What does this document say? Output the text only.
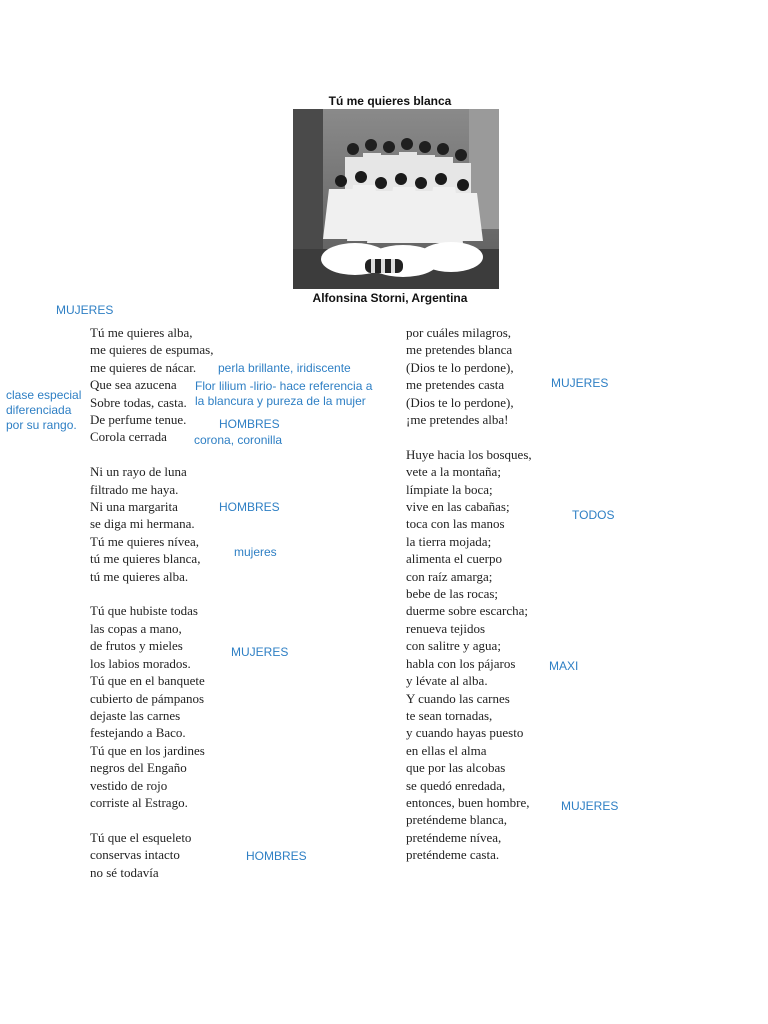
Tú me quieres blanca
Alfonsina Storni, Argentina
Tú me quieres alba,
me quieres de espumas,
me quieres de nácar.
Que sea azucena
Sobre todas, casta.
De perfume tenue.
Corola cerrada
Ni un rayo de luna
filtrado me haya.
Ni una margarita
se diga mi hermana.
Tú me quieres nívea,
tú me quieres blanca,
tú me quieres alba.
Tú que hubiste todas
las copas a mano,
de frutos y mieles
los labios morados.
Tú que en el banquete
cubierto de pámpanos
dejaste las carnes
festejando a Baco.
Tú que en los jardines
negros del Engaño
vestido de rojo
corriste al Estrago.
Tú que el esqueleto
conservas intacto
no sé todavía
por cuáles milagros,
me pretendes blanca
(Dios te lo perdone),
me pretendes casta
(Dios te lo perdone),
¡me pretendes alba!
Huye hacia los bosques,
vete a la montaña;
límpiate la boca;
vive en las cabañas;
toca con las manos
la tierra mojada;
alimenta el cuerpo
con raíz amarga;
bebe de las rocas;
duerme sobre escarcha;
renueva tejidos
con salitre y agua;
habla con los pájaros
y lévate al alba.
Y cuando las carnes
te sean tornadas,
y cuando hayas puesto
en ellas el alma
que por las alcobas
se quedó enredada,
entonces, buen hombre,
preténdeme blanca,
preténdeme nívea,
preténdeme casta.
MUJERES
clase especial
diferenciada
por su rango.
perla brillante, iridiscente
Flor lilium -lirio- hace referencia a
la blancura y pureza de la mujer
HOMBRES
corona, coronilla
HOMBRES
mujeres
MUJERES
HOMBRES
MUJERES
TODOS
MAXI
MUJERES
